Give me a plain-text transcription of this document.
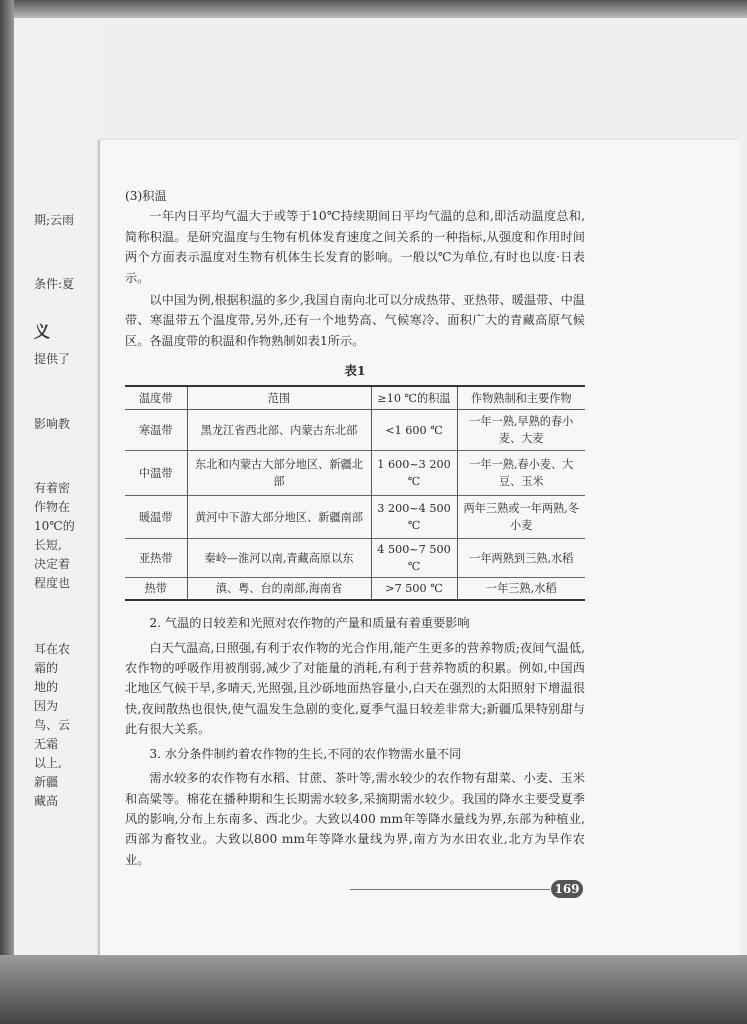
期;云雨
条件:夏
义
提供了
影响教
有着密
作物在
10℃的
长短,
决定着
程度也
耳在农
霜的
地的
因为
鸟、云
无霜
以上,
新疆
藏高

(3)积温

一年内日平均气温大于或等于10℃持续期间日平均气温的总和,即活动温度总和,简称积温。是研究温度与生物有机体发育速度之间关系的一种指标,从强度和作用时间两个方面表示温度对生物有机体生长发育的影响。一般以℃为单位,有时也以度·日表示。

以中国为例,根据积温的多少,我国自南向北可以分成热带、亚热带、暖温带、中温带、寒温带五个温度带,另外,还有一个地势高、气候寒冷、面积广大的青藏高原气候区。各温度带的积温和作物熟制如表1所示。

表1
温度带	范围	≥10 ℃的积温	作物熟制和主要作物
寒温带	黑龙江省西北部、内蒙古东北部	<1 600 ℃	一年一熟,早熟的春小麦、大麦
中温带	东北和内蒙古大部分地区、新疆北部	1 600~3 200 ℃	一年一熟,春小麦、大豆、玉米
暖温带	黄河中下游大部分地区、新疆南部	3 200~4 500 ℃	两年三熟或一年两熟,冬小麦
亚热带	秦岭—淮河以南,青藏高原以东	4 500~7 500 ℃	一年两熟到三熟,水稻
热带	滇、粤、台的南部,海南省	>7 500 ℃	一年三熟,水稻

2. 气温的日较差和光照对农作物的产量和质量有着重要影响

白天气温高,日照强,有利于农作物的光合作用,能产生更多的营养物质;夜间气温低,农作物的呼吸作用被削弱,减少了对能量的消耗,有利于营养物质的积累。例如,中国西北地区气候干旱,多晴天,光照强,且沙砾地面热容量小,白天在强烈的太阳照射下增温很快,夜间散热也很快,使气温发生急剧的变化,夏季气温日较差非常大;新疆瓜果特别甜与此有很大关系。

3. 水分条件制约着农作物的生长,不同的农作物需水量不同

需水较多的农作物有水稻、甘蔗、茶叶等,需水较少的农作物有甜菜、小麦、玉米和高粱等。棉花在播种期和生长期需水较多,采摘期需水较少。我国的降水主要受夏季风的影响,分布上东南多、西北少。大致以400 mm年等降水量线为界,东部为种植业,西部为畜牧业。大致以800 mm年等降水量线为界,南方为水田农业,北方为旱作农业。

169
